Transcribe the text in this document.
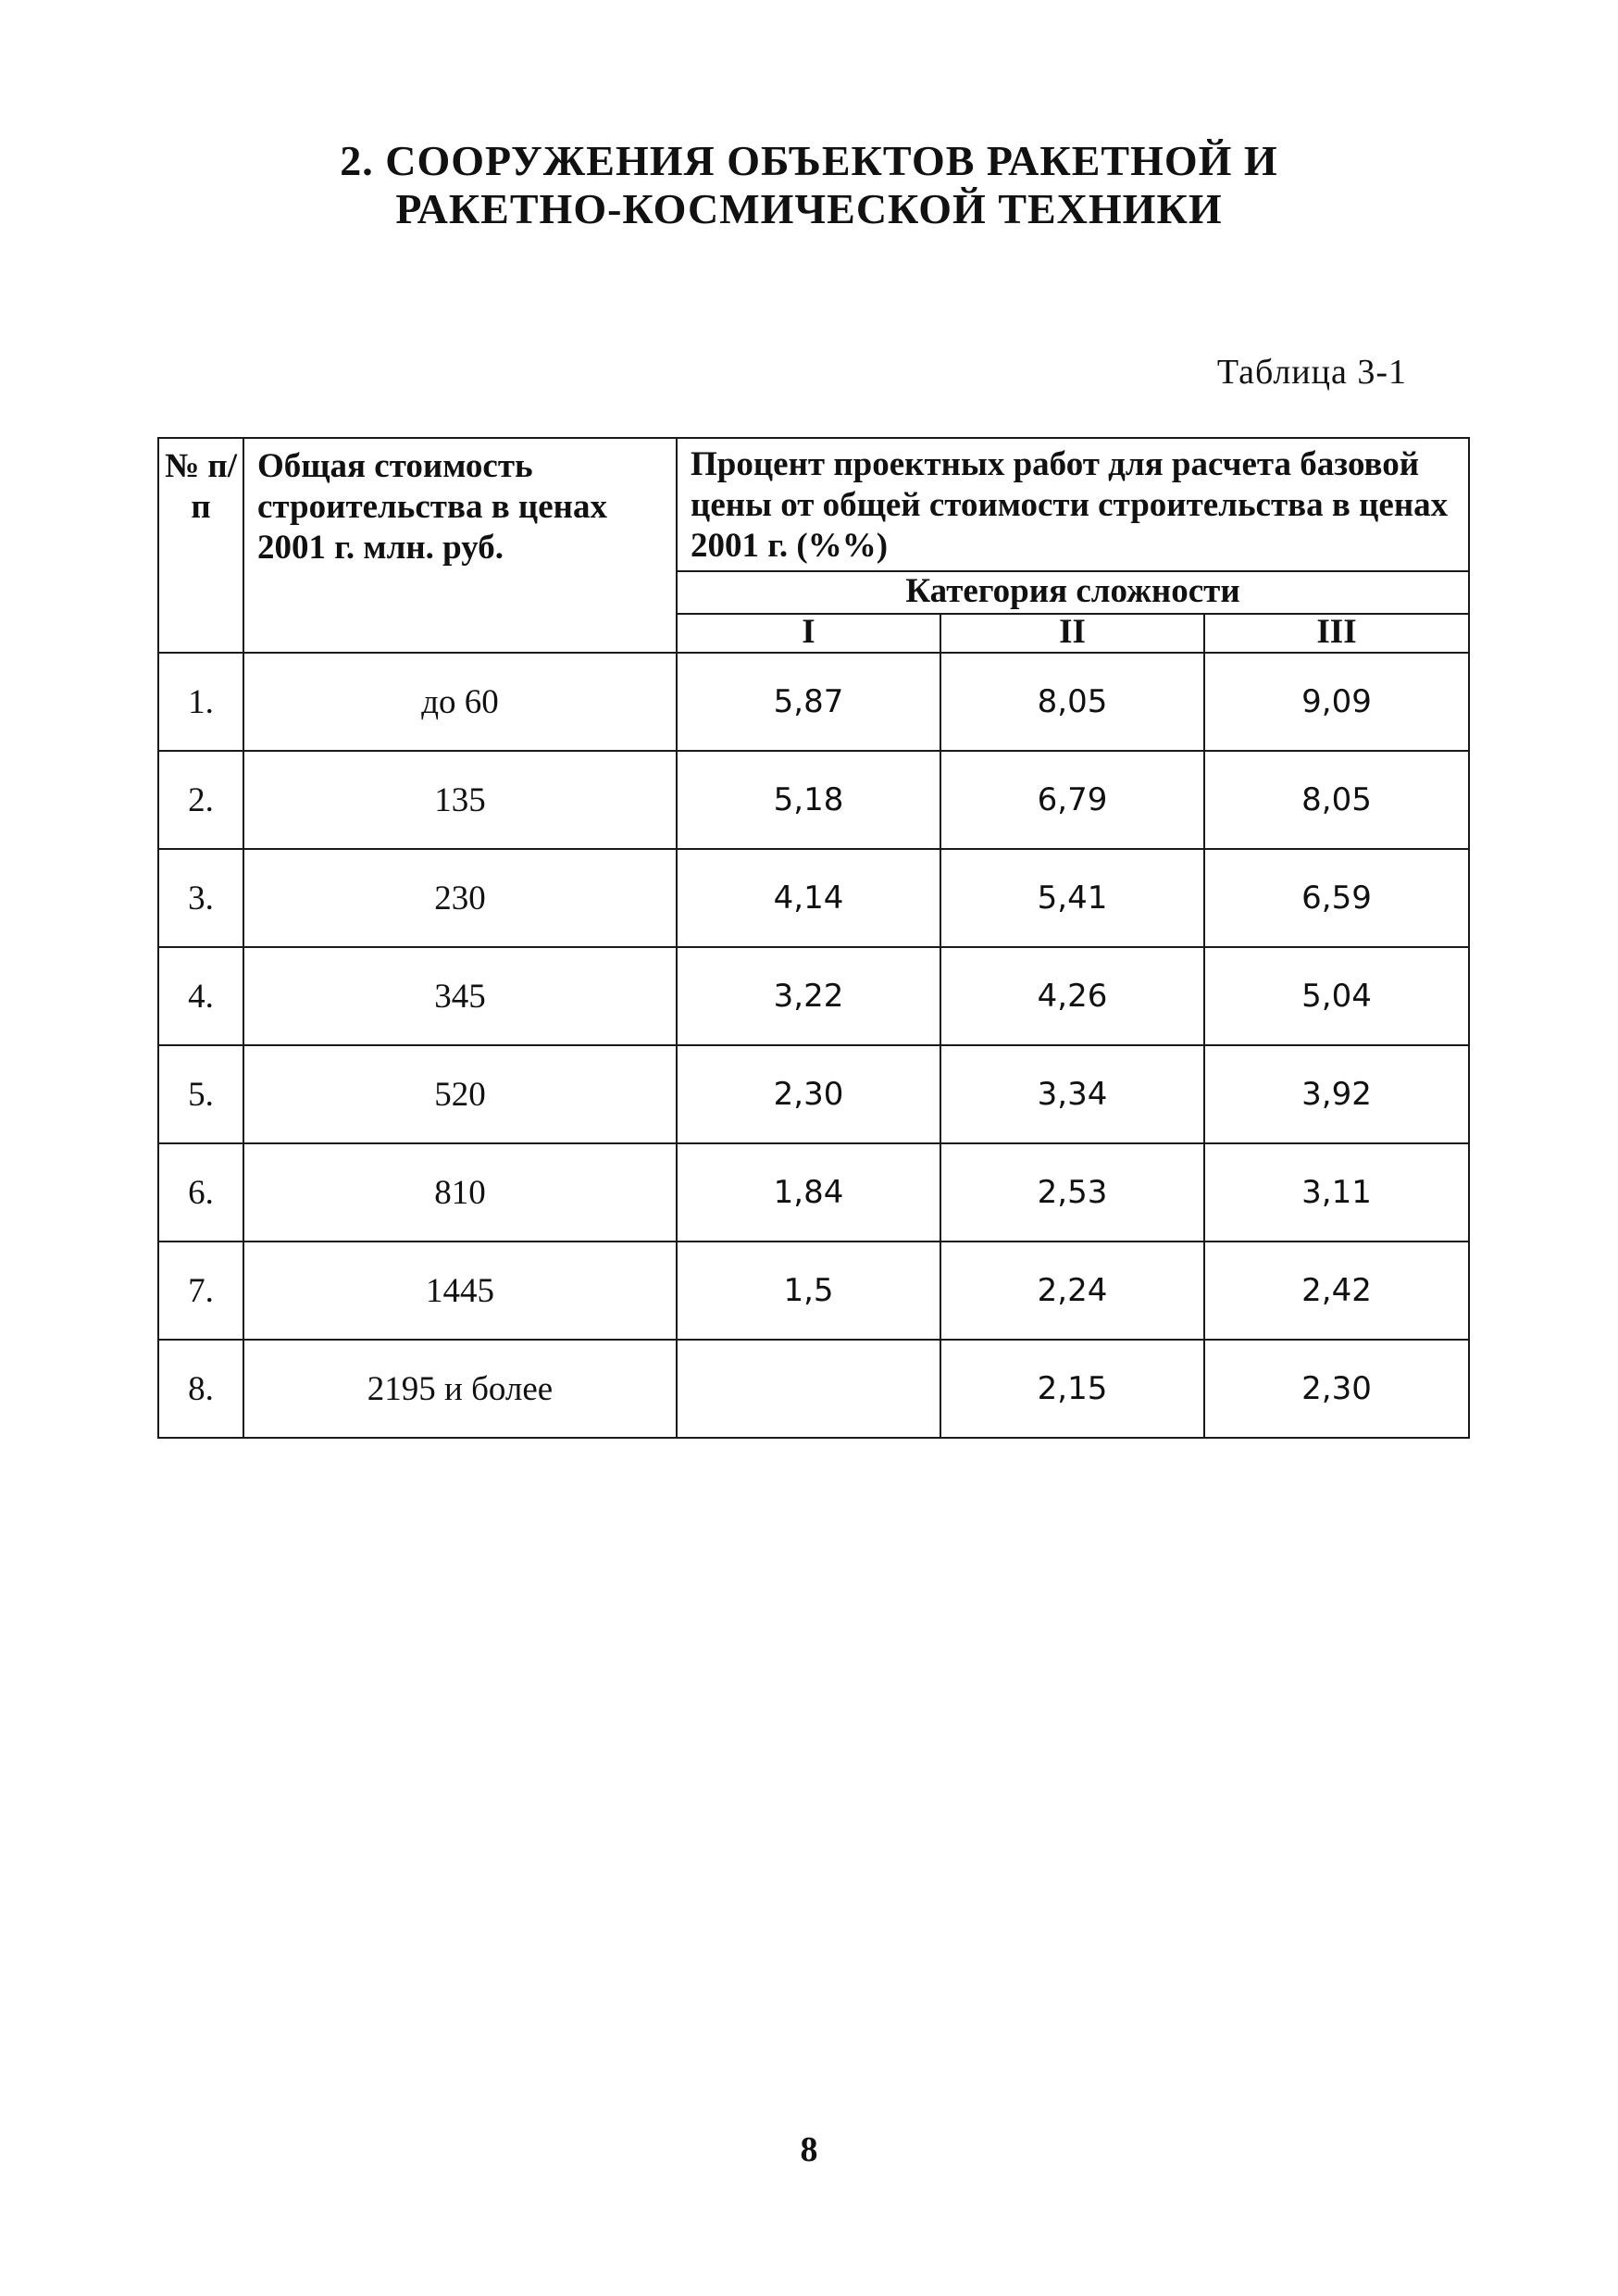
2. СООРУЖЕНИЯ ОБЪЕКТОВ РАКЕТНОЙ И
РАКЕТНО-КОСМИЧЕСКОЙ ТЕХНИКИ
Таблица 3-1
№ п/п	Общая стоимость строительства в ценах 2001 г. млн. руб.	Процент проектных работ для расчета базовой цены от общей стоимости строительства в ценах 2001 г. (%%)		
		Категория сложности		
		I	II	III
1.	до 60	5,87	8,05	9,09
2.	135	5,18	6,79	8,05
3.	230	4,14	5,41	6,59
4.	345	3,22	4,26	5,04
5.	520	2,30	3,34	3,92
6.	810	1,84	2,53	3,11
7.	1445	1,5	2,24	2,42
8.	2195 и более		2,15	2,30
8
